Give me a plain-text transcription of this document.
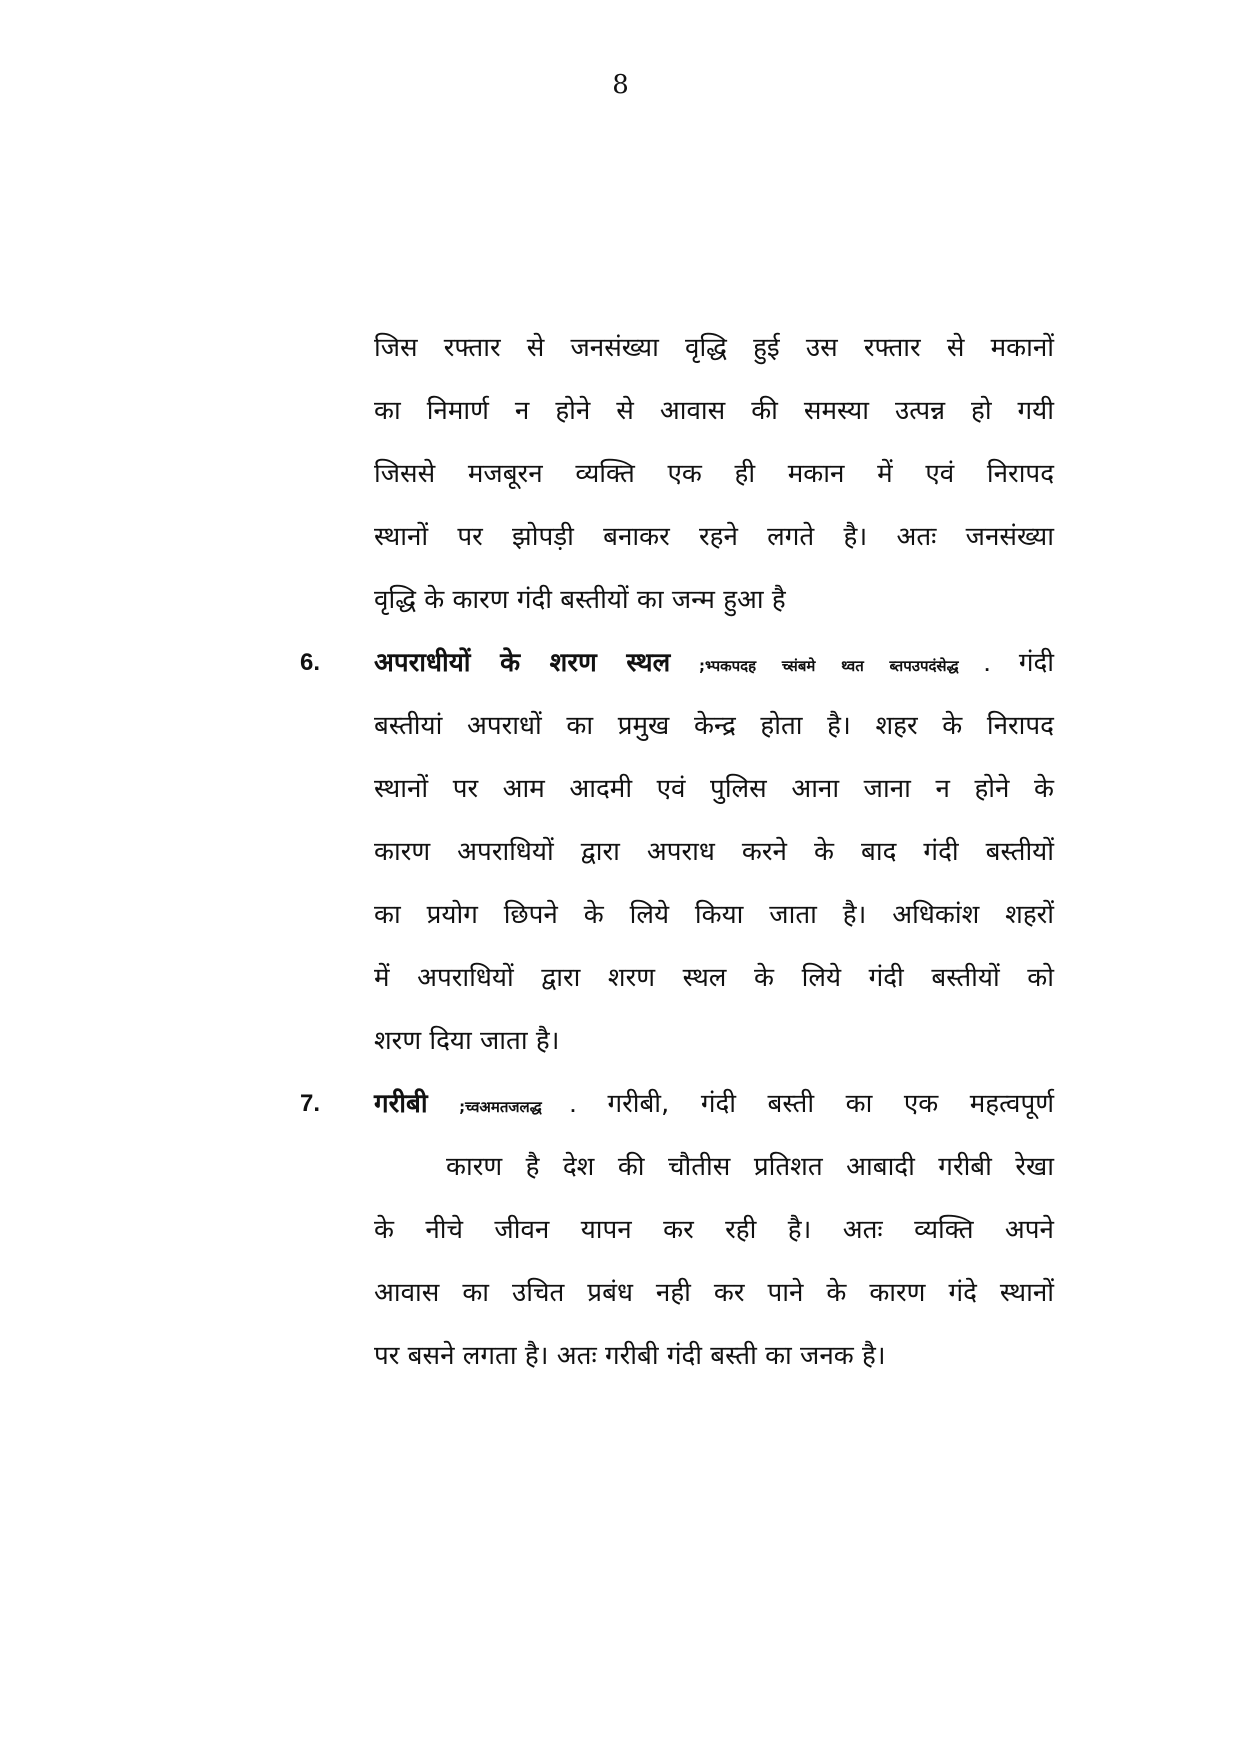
8
जिस रफ्तार से जनसंख्या वृद्धि हुई उस रफ्तार से मकानों
का निमार्ण न होने से आवास की समस्या उत्पन्न हो गयी
जिससे मजबूरन व्यक्ति एक ही मकान में एवं निरापद
स्थानों पर झोपड़ी बनाकर रहने लगते है। अतः जनसंख्या
वृद्धि के कारण गंदी बस्तीयों का जन्म हुआ है
6. अपराधीयों के शरण स्थल ;भ्पकपदह च्संबमे थ्वत ब्तपउपदंसेद्ध . गंदी
बस्तीयां अपराधों का प्रमुख केन्द्र होता है। शहर के निरापद
स्थानों पर आम आदमी एवं पुलिस आना जाना न होने के
कारण अपराधियों द्वारा अपराध करने के बाद गंदी बस्तीयों
का प्रयोग छिपने के लिये किया जाता है। अधिकांश शहरों
में अपराधियों द्वारा शरण स्थल के लिये गंदी बस्तीयों को
शरण दिया जाता है।
7. गरीबी ;च्वअमतजलद्ध . गरीबी, गंदी बस्ती का एक महत्वपूर्ण
कारण है देश की चौतीस प्रतिशत आबादी गरीबी रेखा
के नीचे जीवन यापन कर रही है। अतः व्यक्ति अपने
आवास का उचित प्रबंध नही कर पाने के कारण गंदे स्थानों
पर बसने लगता है। अतः गरीबी गंदी बस्ती का जनक है।
